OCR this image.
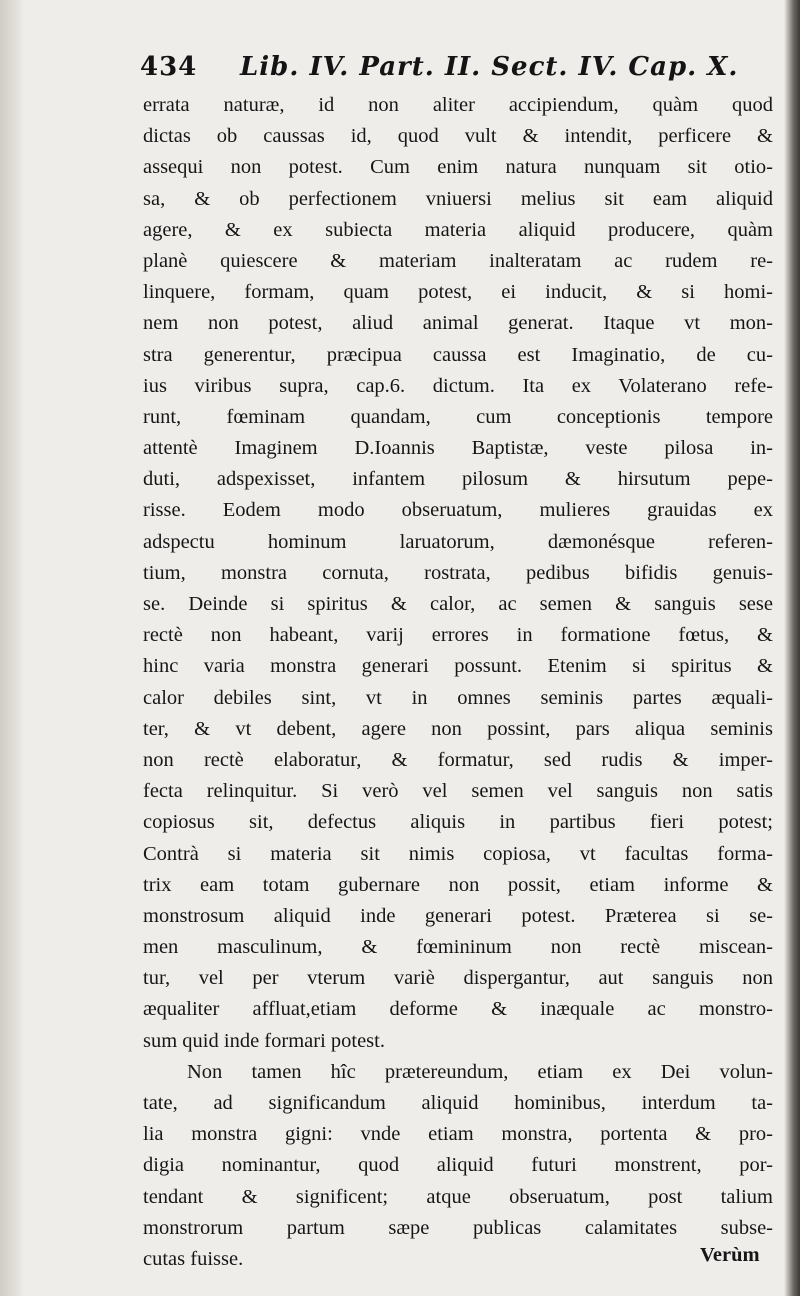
434 Lib. IV. Part. II. Sect. IV. Cap. X.
errata naturæ, id non aliter accipiendum, quàm quod
dictas ob caussas id, quod vult & intendit, perficere &
assequi non potest. Cum enim natura nunquam sit otio-
sa, & ob perfectionem vniuersi melius sit eam aliquid
agere, & ex subiecta materia aliquid producere, quàm
planè quiescere & materiam inalteratam ac rudem re-
linquere, formam, quam potest, ei inducit, & si homi-
nem non potest, aliud animal generat. Itaque vt mon-
stra generentur, præcipua caussa est Imaginatio, de cu-
ius viribus supra, cap.6. dictum. Ita ex Volaterano refe-
runt, fœminam quandam, cum conceptionis tempore
attentè Imaginem D.Ioannis Baptistæ, veste pilosa in-
duti, adspexisset, infantem pilosum & hirsutum pepe-
risse. Eodem modo obseruatum, mulieres grauidas ex
adspectu hominum laruatorum, dæmonésque referen-
tium, monstra cornuta, rostrata, pedibus bifidis genuis-
se. Deinde si spiritus & calor, ac semen & sanguis sese
rectè non habeant, varij errores in formatione fœtus, &
hinc varia monstra generari possunt. Etenim si spiritus &
calor debiles sint, vt in omnes seminis partes æquali-
ter, & vt debent, agere non possint, pars aliqua seminis
non rectè elaboratur, & formatur, sed rudis & imper-
fecta relinquitur. Si verò vel semen vel sanguis non satis
copiosus sit, defectus aliquis in partibus fieri potest;
Contrà si materia sit nimis copiosa, vt facultas forma-
trix eam totam gubernare non possit, etiam informe &
monstrosum aliquid inde generari potest. Præterea si se-
men masculinum, & fœmininum non rectè miscean-
tur, vel per vterum variè dispergantur, aut sanguis non
æqualiter affluat,etiam deforme & inæquale ac monstro-
sum quid inde formari potest.
Non tamen hîc prætereundum, etiam ex Dei volun-
tate, ad significandum aliquid hominibus, interdum ta-
lia monstra gigni: vnde etiam monstra, portenta & pro-
digia nominantur, quod aliquid futuri monstrent, por-
tendant & significent; atque obseruatum, post talium
monstrorum partum sæpe publicas calamitates subse-
cutas fuisse.	Verùm
